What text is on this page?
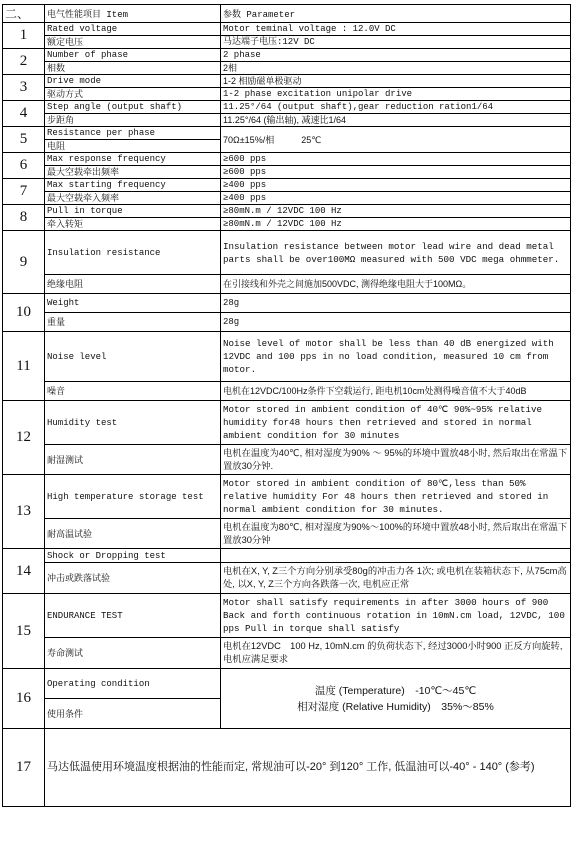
二、	电气性能项目 Item	参数 Parameter
1	Rated voltage	Motor teminal voltage : 12.0V DC
	额定电压	马达端子电压:12V DC
2	Number of phase	2 phase
	相数	2相
3	Drive mode	1-2 相励磁单极驱动
	驱动方式	1-2 phase excitation unipolar drive
4	Step angle (output shaft)	11.25°/64 (output shaft),gear reduction ration1/64
	步距角	11.25°/64 (输出轴), 减速比1/64
5	Resistance per phase	70Ω±15%/相　　　25℃
	电阻	
6	Max response frequency	≥600 pps
	最大空载牵出频率	≥600 pps
7	Max starting frequency	≥400 pps
	最大空载牵入频率	≥400 pps
8	Pull in torque	≥80mN.m / 12VDC 100 Hz
	牵入转矩	≥80mN.m / 12VDC 100 Hz
9	Insulation resistance	Insulation resistance between motor lead wire and dead metal parts shall be over100MΩ measured with 500 VDC mega ohmmeter.
	绝缘电阻	在引接线和外壳之间施加500VDC, 测得绝缘电阻大于100MΩ。
10	Weight	28g
	重量	28g
11	Noise level	Noise level of motor shall be less than 40 dB energized with 12VDC and 100 pps in no load condition, measured 10 cm from motor.
	噪音	电机在12VDC/100Hz条件下空载运行, 距电机10cm处测得噪音值不大于40dB
12	Humidity test	Motor stored in ambient condition of 40℃ 90%~95% relative humidity for48 hours then retrieved and stored in normal ambient condition for 30 minutes
	耐湿测试	电机在温度为40℃, 相对湿度为90% ～ 95%的环境中置放48小时, 然后取出在常温下置放30分钟.
13	High temperature storage test	Motor stored in ambient condition of 80℃,less than 50% relative humidity For 48 hours then retrieved and stored in normal ambient condition for 30 minutes.
	耐高温试验	电机在温度为80℃, 相对湿度为90%～100%的环境中置放48小时, 然后取出在常温下置放30分钟
14	Shock or Dropping test	
	冲击或跌落试验	电机在X, Y, Z三个方向分别承受80g的冲击力各 1次; 或电机在装箱状态下, 从75cm高处, 以X, Y, Z三个方向各跌落一次, 电机应正常
15	ENDURANCE TEST	Motor shall satisfy requirements in after 3000 hours of 900 Back and forth continuous rotation in 10mN.cm load, 12VDC, 100 pps Pull in torque shall satisfy
	寿命测试	电机在12VDC　100 Hz, 10mN.cm 的负荷状态下, 经过3000小时900 正反方向旋转, 电机应满足要求
16	Operating condition	温度 (Temperature)　-10℃～45℃
相对湿度 (Relative Humidity)　35%～85%

	使用条件	
17	马达低温使用环境温度根据油的性能而定, 常规油可以-20° 到120° 工作, 低温油可以-40° - 140° (参考)	
